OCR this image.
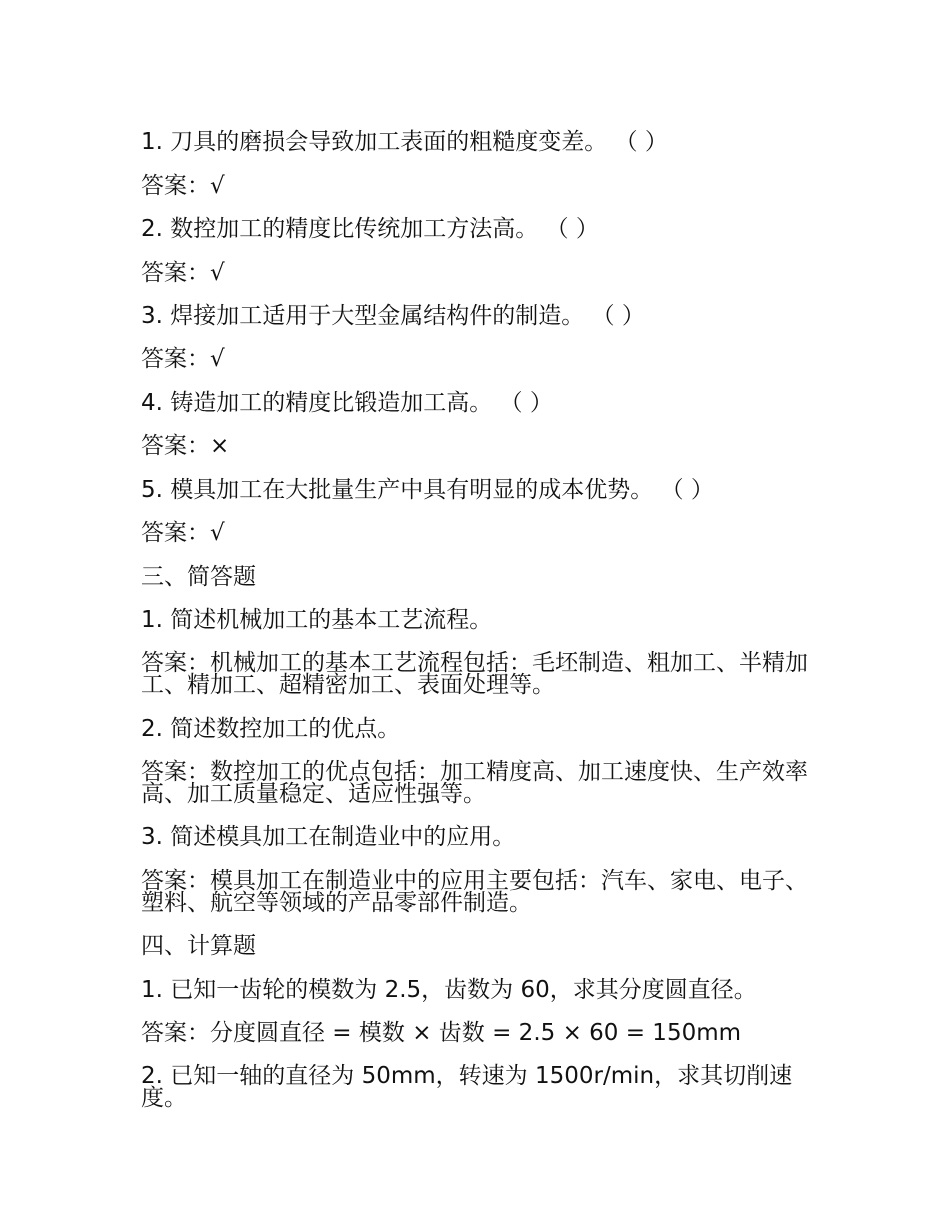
1. 刀具的磨损会导致加工表面的粗糙度变差。 （ ）
答案：√
2. 数控加工的精度比传统加工方法高。 （ ）
答案：√
3. 焊接加工适用于大型金属结构件的制造。 （ ）
答案：√
4. 铸造加工的精度比锻造加工高。 （ ）
答案：×
5. 模具加工在大批量生产中具有明显的成本优势。 （ ）
答案：√
三、简答题
1. 简述机械加工的基本工艺流程。
答案：机械加工的基本工艺流程包括：毛坯制造、粗加工、半精加工、精加工、超精密加工、表面处理等。
2. 简述数控加工的优点。
答案：数控加工的优点包括：加工精度高、加工速度快、生产效率高、加工质量稳定、适应性强等。
3. 简述模具加工在制造业中的应用。
答案：模具加工在制造业中的应用主要包括：汽车、家电、电子、塑料、航空等领域的产品零部件制造。
四、计算题
1. 已知一齿轮的模数为 2.5，齿数为 60，求其分度圆直径。
答案：分度圆直径 = 模数 × 齿数 = 2.5 × 60 = 150mm
2. 已知一轴的直径为 50mm，转速为 1500r/min，求其切削速度。
